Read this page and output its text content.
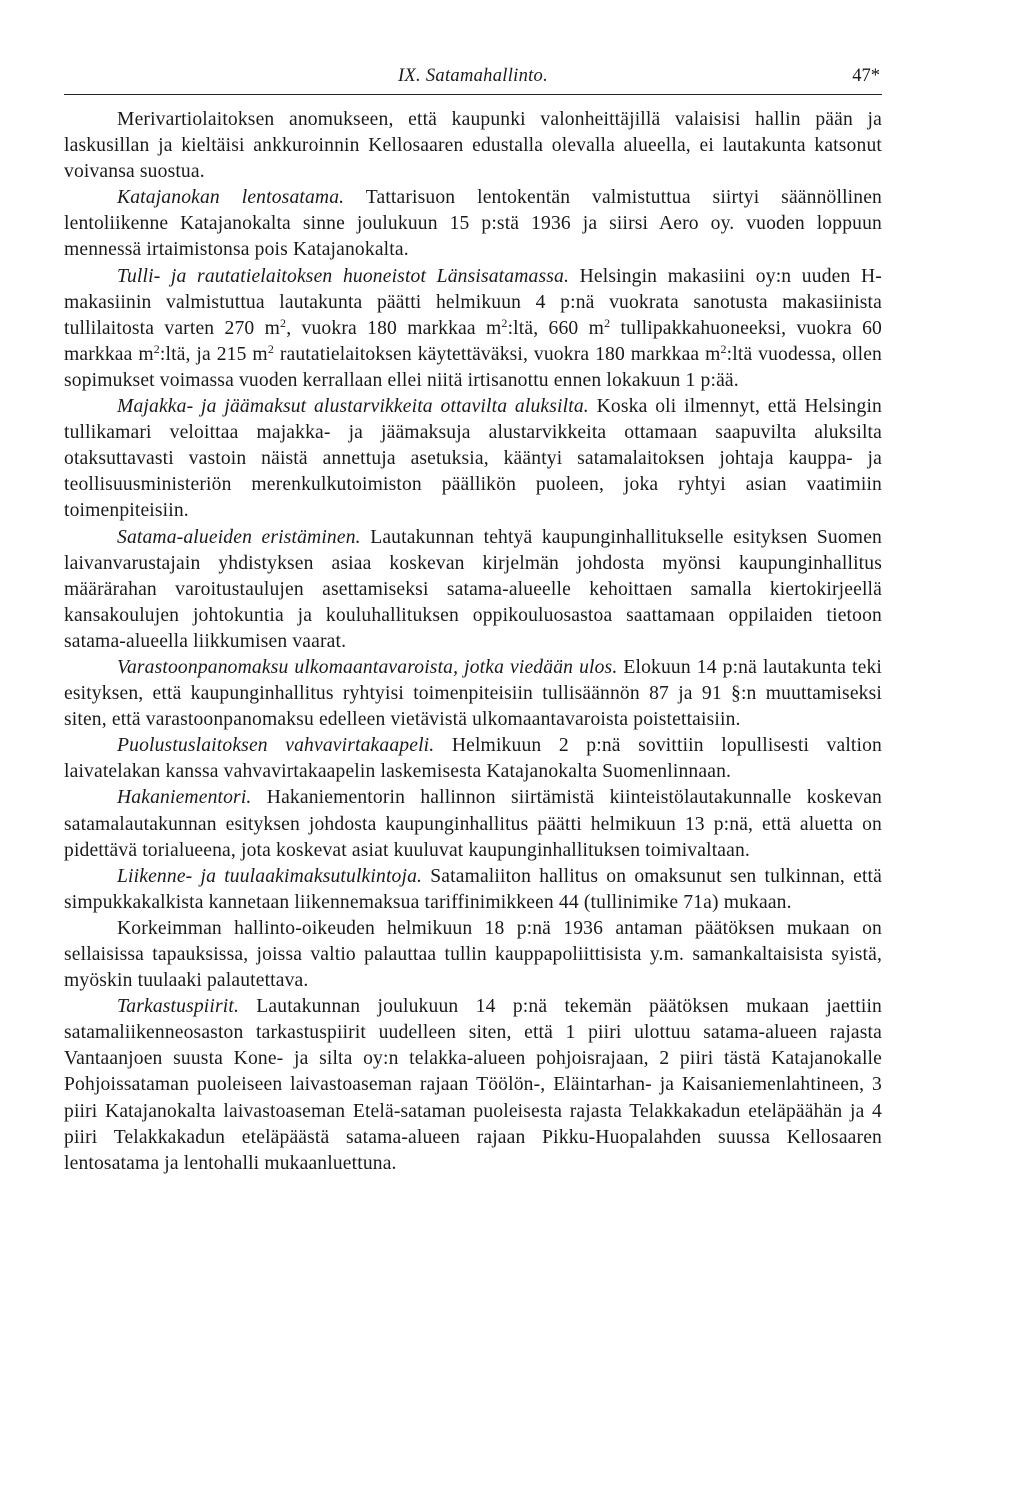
IX. Satamahallinto.	47*

Merivartiolaitoksen anomukseen, että kaupunki valonheittäjillä valaisisi hallin pään ja laskusillan ja kieltäisi ankkuroinnin Kellosaaren edustalla olevalla alueella, ei lautakunta katsonut voivansa suostua.

Katajanokan lentosatama. Tattarisuon lentokentän valmistuttua siirtyi säännöllinen lentoliikenne Katajanokalta sinne joulukuun 15 p:stä 1936 ja siirsi Aero oy. vuoden loppuun mennessä irtaimistonsa pois Katajanokalta.

Tulli- ja rautatielaitoksen huoneistot Länsisatamassa. Helsingin makasiini oy:n uuden H-makasiinin valmistuttua lautakunta päätti helmikuun 4 p:nä vuokrata sanotusta makasiinista tullilaitosta varten 270 $m^2$, vuokra 180 markkaa $m^2:ltä$, 660 $m^2$ tullipakkahuoneeksi, vuokra 60 markkaa $m^2:ltä$, ja 215 $m^2$ rautatielaitoksen käytettäväksi, vuokra 180 markkaa $m^2:ltä$ vuodessa, ollen sopimukset voimassa vuoden kerrallaan ellei niitä irtisanottu ennen lokakuun 1 p:ää.

Majakka- ja jäämaksut alustarvikkeita ottavilta aluksilta. Koska oli ilmennyt, että Helsingin tullikamari veloittaa majakka- ja jäämaksuja alustarvikkeita ottamaan saapuvilta aluksilta otaksuttavasti vastoin näistä annettuja asetuksia, kääntyi satamalaitoksen johtaja kauppa- ja teollisuusministeriön merenkulkutoimiston päällikön puoleen, joka ryhtyi asian vaatimiin toimenpiteisiin.

Satama-alueiden eristäminen. Lautakunnan tehtyä kaupunginhallitukselle esityksen Suomen laivanvarustajain yhdistyksen asiaa koskevan kirjelmän johdosta myönsi kaupunginhallitus määrärahan varoitustaulujen asettamiseksi satama-alueelle kehoittaen samalla kiertokirjeellä kansakoulujen johtokuntia ja kouluhallituksen oppikouluosastoa saattamaan oppilaiden tietoon satama-alueella liikkumisen vaarat.

Varastoonpanomaksu ulkomaantavaroista, jotka viedään ulos. Elokuun 14 p:nä lautakunta teki esityksen, että kaupunginhallitus ryhtyisi toimenpiteisiin tullisäännön 87 ja 91 §:n muuttamiseksi siten, että varastoonpanomaksu edelleen vietävistä ulkomaantavaroista poistettaisiin.

Puolustuslaitoksen vahvavirtakaapeli. Helmikuun 2 p:nä sovittiin lopullisesti valtion laivatelakan kanssa vahvavirtakaapelin laskemisesta Katajanokalta Suomenlinnaan.

Hakaniementori. Hakaniementorin hallinnon siirtämistä kiinteistölautakunnalle koskevan satamalautakunnan esityksen johdosta kaupunginhallitus päätti helmikuun 13 p:nä, että aluetta on pidettävä torialueena, jota koskevat asiat kuuluvat kaupunginhallituksen toimivaltaan.

Liikenne- ja tuulaakimaksutulkintoja. Satamaliiton hallitus on omaksunut sen tulkinnan, että simpukkakalkista kannetaan liikennemaksua tariffinimikkeen 44 (tullinimike 71a) mukaan.

Korkeimman hallinto-oikeuden helmikuun 18 p:nä 1936 antaman päätöksen mukaan on sellaisissa tapauksissa, joissa valtio palauttaa tullin kauppapoliittisista y.m. samankaltaisista syistä, myöskin tuulaaki palautettava.

Tarkastuspiirit. Lautakunnan joulukuun 14 p:nä tekemän päätöksen mukaan jaettiin satamaliikenneosaston tarkastuspiirit uudelleen siten, että 1 piiri ulottuu satama-alueen rajasta Vantaanjoen suusta Kone- ja silta oy:n telakka-alueen pohjoisrajaan, 2 piiri tästä Katajanokalle Pohjoissataman puoleiseen laivastoaseman rajaan Töölön-, Eläintarhan- ja Kaisaniemenlahtineen, 3 piiri Katajanokalta laivastoaseman Etelä-sataman puoleisesta rajasta Telakkakadun eteläpäähän ja 4 piiri Telakkakadun eteläpäästä satama-alueen rajaan Pikku-Huopalahden suussa Kellosaaren lentosatama ja lentohalli mukaanluettuna.
